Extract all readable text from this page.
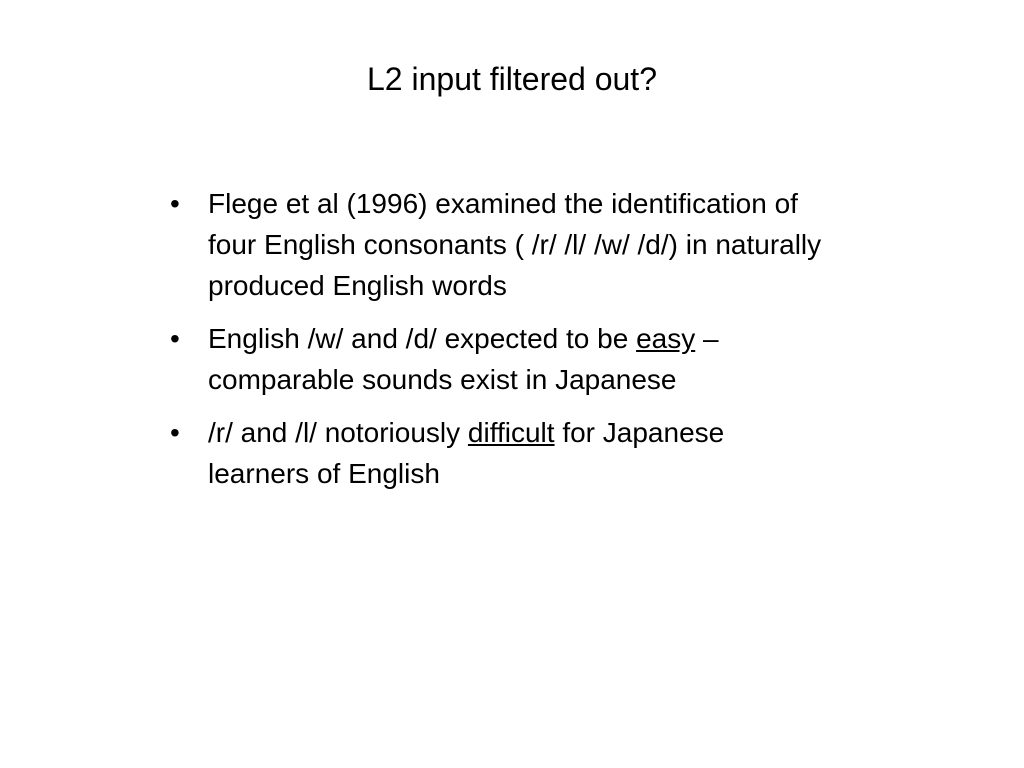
L2 input filtered out?
•	Flege et al (1996) examined the identification of four English consonants ( /r/ /l/ /w/ /d/) in naturally produced English words
•	English /w/ and /d/ expected to be easy – comparable sounds exist in Japanese
•	/r/ and /l/ notoriously difficult for Japanese learners of English
